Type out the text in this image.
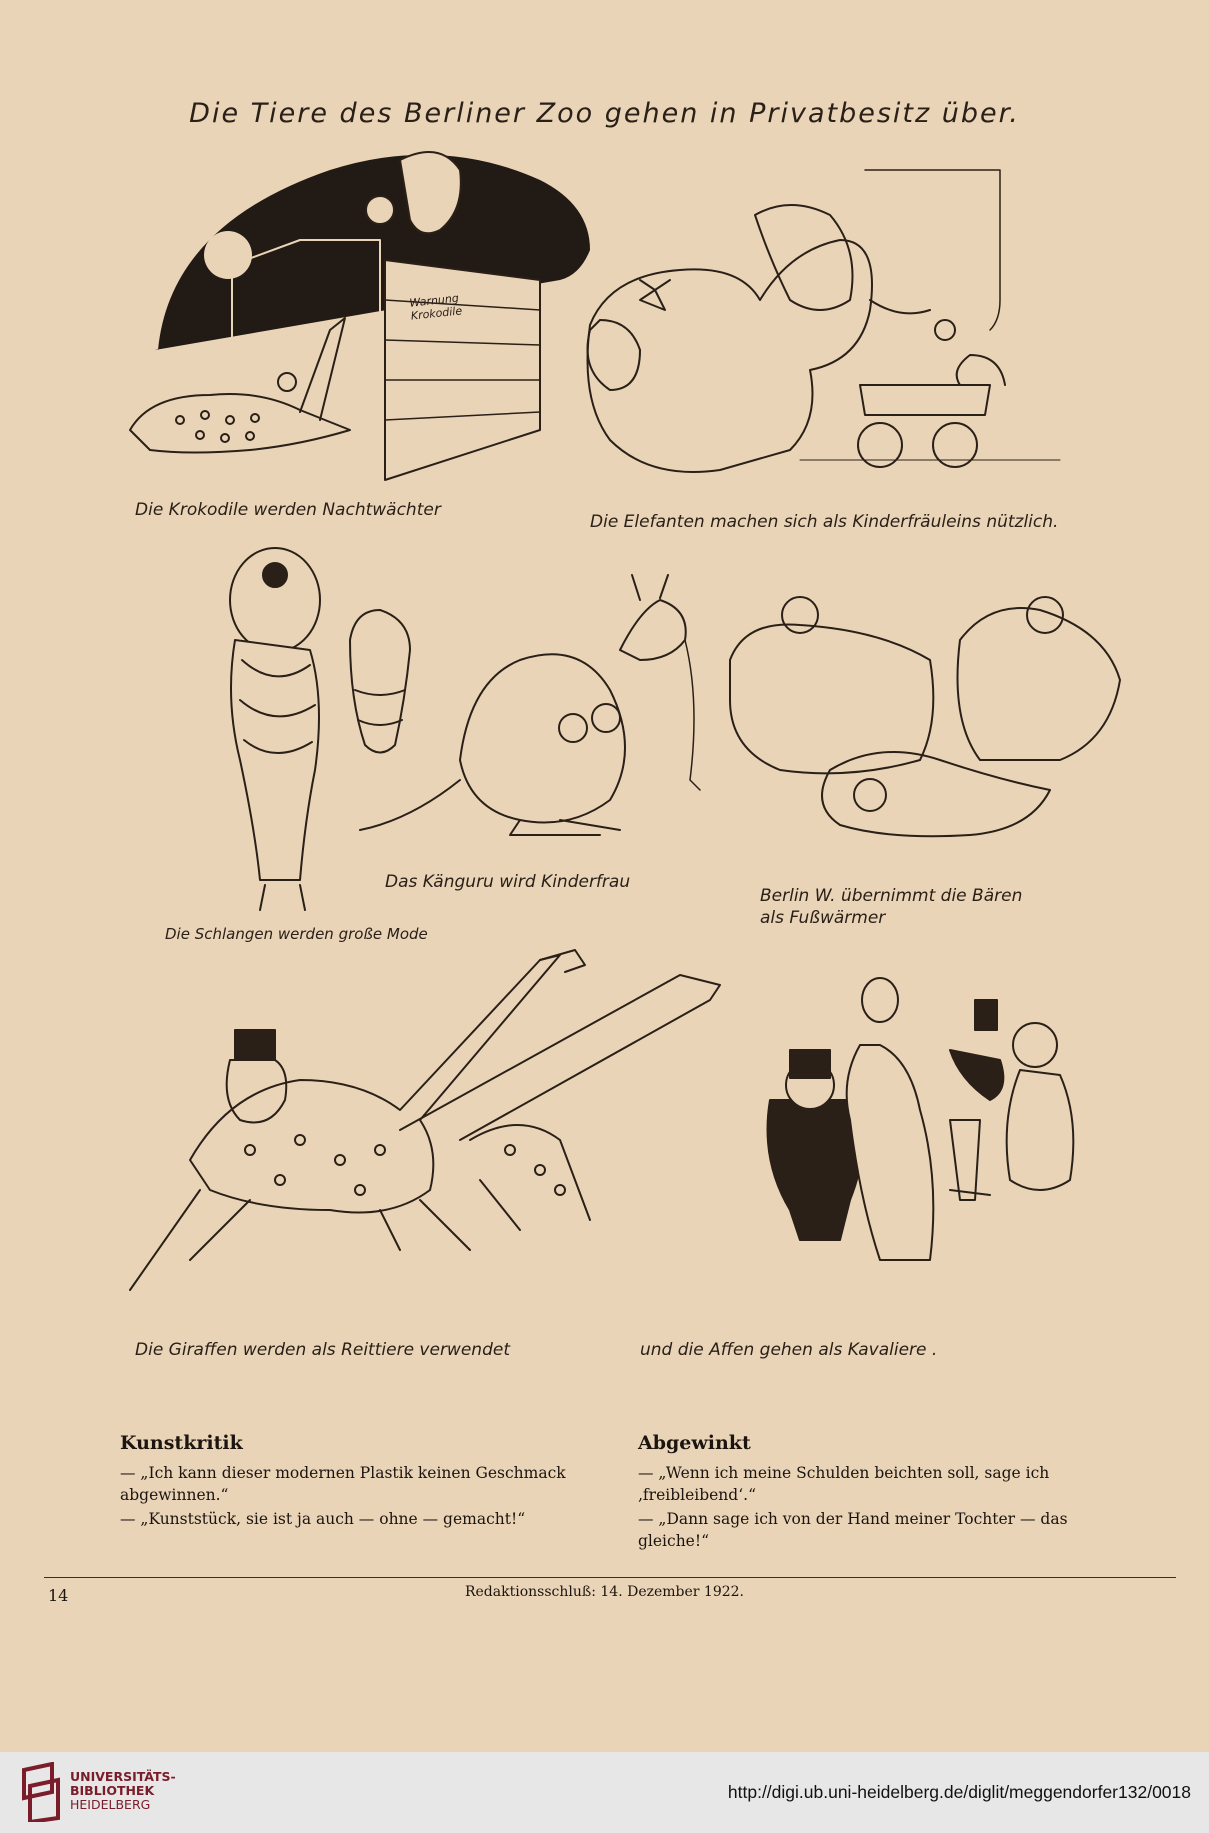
Die Tiere des Berliner Zoo gehen in Privatbesitz über.
Warnung Krokodile
Die Krokodile werden Nachtwächter
Die Elefanten machen sich als Kinderfräuleins nützlich.
Das Känguru wird Kinderfrau
Berlin W. übernimmt die Bären
als Fußwärmer
Die Schlangen werden große Mode
Die Giraffen werden als Reittiere verwendet	und die Affen gehen als Kavaliere .
Kunstkritik

— „Ich kann dieser modernen Plastik keinen Geschmack abgewinnen.“

— „Kunststück, sie ist ja auch — ohne — gemacht!“

Abgewinkt

— „Wenn ich meine Schulden beichten soll, sage ich ‚freibleibend‘.“

— „Dann sage ich von der Hand meiner Tochter — das gleiche!“

14	Redaktionsschluß: 14. Dezember 1922.
UNIVERSITÄTS-
BIBLIOTHEK
HEIDELBERG
http://digi.ub.uni-heidelberg.de/diglit/meggendorfer132/0018
